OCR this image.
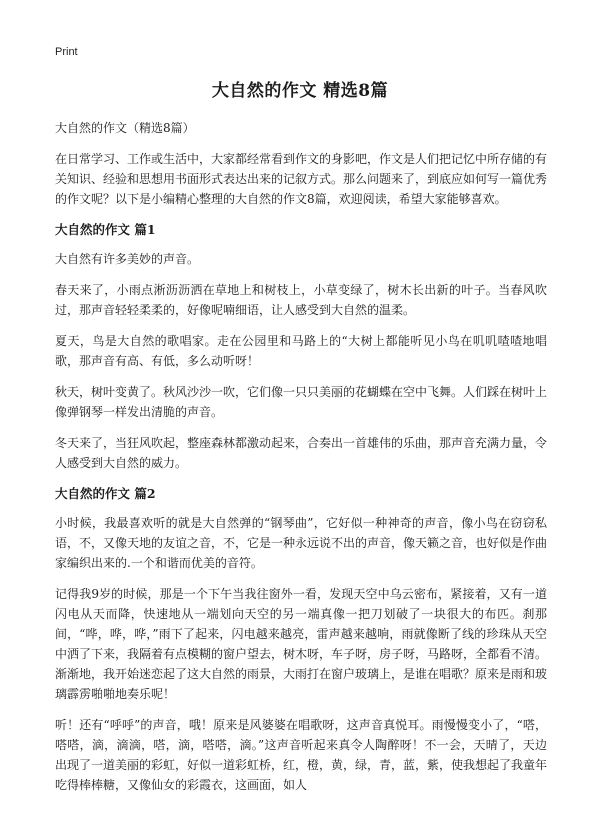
Print
大自然的作文 精选8篇

大自然的作文（精选8篇）

在日常学习、工作或生活中，大家都经常看到作文的身影吧，作文是人们把记忆中所存储的有关知识、经验和思想用书面形式表达出来的记叙方式。那么问题来了，到底应如何写一篇优秀的作文呢？以下是小编精心整理的大自然的作文8篇，欢迎阅读，希望大家能够喜欢。

大自然的作文 篇1

大自然有许多美妙的声音。

春天来了，小雨点淅沥沥洒在草地上和树枝上，小草变绿了，树木长出新的叶子。当春风吹过，那声音轻轻柔柔的，好像呢喃细语，让人感受到大自然的温柔。

夏天，鸟是大自然的歌唱家。走在公园里和马路上的“大树上都能听见小鸟在叽叽喳喳地唱歌，那声音有高、有低，多么动听呀！

秋天，树叶变黄了。秋风沙沙一吹，它们像一只只美丽的花蝴蝶在空中飞舞。人们踩在树叶上像弹钢琴一样发出清脆的声音。

冬天来了，当狂风吹起，整座森林都激动起来，合奏出一首雄伟的乐曲，那声音充满力量，令人感受到大自然的威力。

大自然的作文 篇2

小时候，我最喜欢听的就是大自然弹的“钢琴曲”，它好似一种神奇的声音，像小鸟在窃窃私语，不，又像天地的友谊之音，不，它是一种永远说不出的声音，像天籁之音，也好似是作曲家编织出来的.一个和谐而优美的音符。

记得我9岁的时候，那是一个下午当我往窗外一看，发现天空中乌云密布，紧接着，又有一道闪电从天而降，快速地从一端划向天空的另一端真像一把刀划破了一块很大的布匹。刹那间，“哗，哗，哗，”雨下了起来，闪电越来越亮，雷声越来越响，雨就像断了线的珍珠从天空中洒了下来，我隔着有点模糊的窗户望去，树木呀，车子呀，房子呀，马路呀，全都看不清。渐渐地，我开始迷恋起了这大自然的雨景，大雨打在窗户玻璃上，是谁在唱歌？原来是雨和玻璃霹雳啪啪地奏乐呢！

听！还有“呼呼”的声音，哦！原来是风婆婆在唱歌呀，这声音真悦耳。雨慢慢变小了，“嗒，嗒嗒，滴，滴滴，嗒，滴，嗒嗒，滴。”这声音听起来真令人陶醉呀！不一会，天晴了，天边出现了一道美丽的彩虹，好似一道彩虹桥，红，橙，黄，绿，青，蓝，紫，使我想起了我童年吃得棒棒糖，又像仙女的彩霞衣，这画面，如人
